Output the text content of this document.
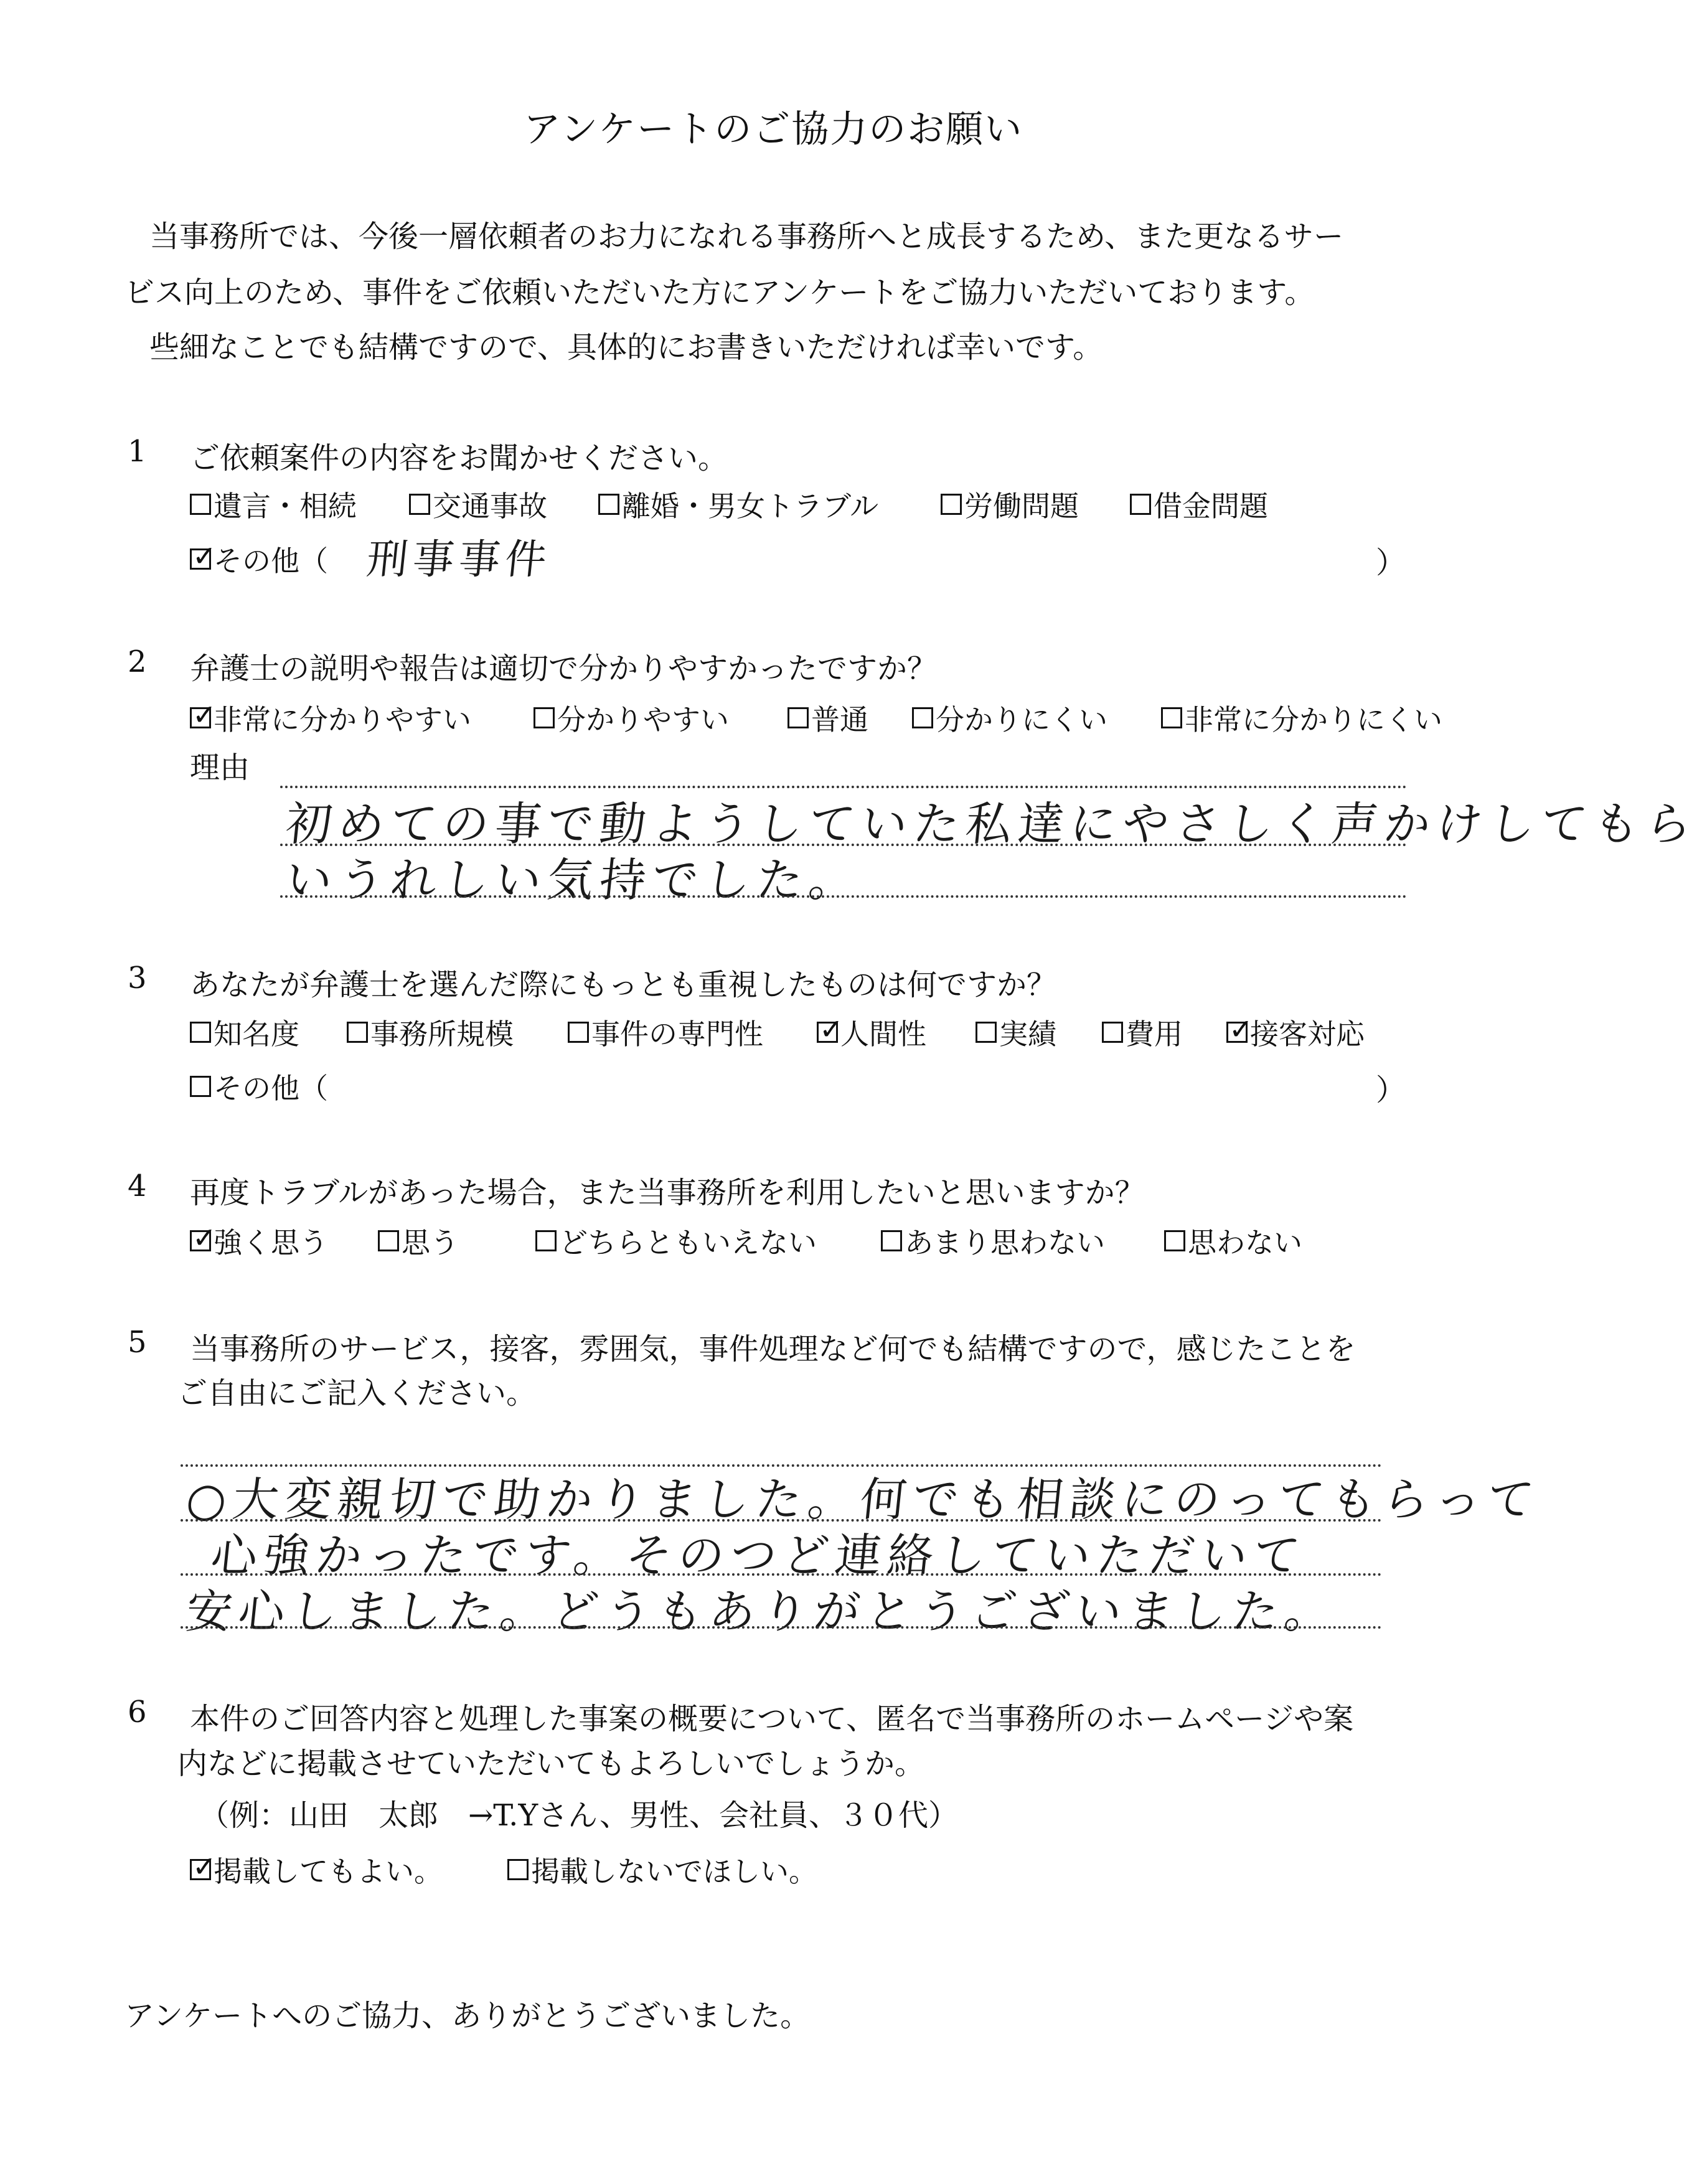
アンケートのご協力のお願い
当事務所では、今後一層依頼者のお力になれる事務所へと成長するため、また更なるサー
ビス向上のため、事件をご依頼いただいた方にアンケートをご協力いただいております。
些細なことでも結構ですので、具体的にお書きいただければ幸いです。
1 ご依頼案件の内容をお聞かせください。
遺言・相続	交通事故	離婚・男女トラブル	労働問題	借金問題
✓
その他（ 刑事事件	）
2 弁護士の説明や報告は適切で分かりやすかったですか？
✓
非常に分かりやすい	分かりやすい	普通 分かりにくい	非常に分かりにくい
理由
初めての事で動ようしていた私達にやさしく声かけしてもら
いうれしい気持でした。
3 あなたが弁護士を選んだ際にもっとも重視したものは何ですか？
知名度 事務所規模	事件の専門性 ✓
人間性	実績 費用 ✓
接客対応
その他（	）
4 再度トラブルがあった場合，また当事務所を利用したいと思いますか？
✓
強く思う	思う	どちらともいえない	あまり思わない	思わない
5 当事務所のサービス，接客，雰囲気，事件処理など何でも結構ですので，感じたことを
ご自由にご記入ください。
○大変親切で助かりました。何でも相談にのってもらって
心強かったです。そのつど連絡していただいて
安心しました。どうもありがとうございました。
6 本件のご回答内容と処理した事案の概要について、匿名で当事務所のホームページや案
内などに掲載させていただいてもよろしいでしょうか。
（例：山田　太郎　→T.Yさん、男性、会社員、３０代）
✓
掲載してもよい。	掲載しないでほしい。
アンケートへのご協力、ありがとうございました。
